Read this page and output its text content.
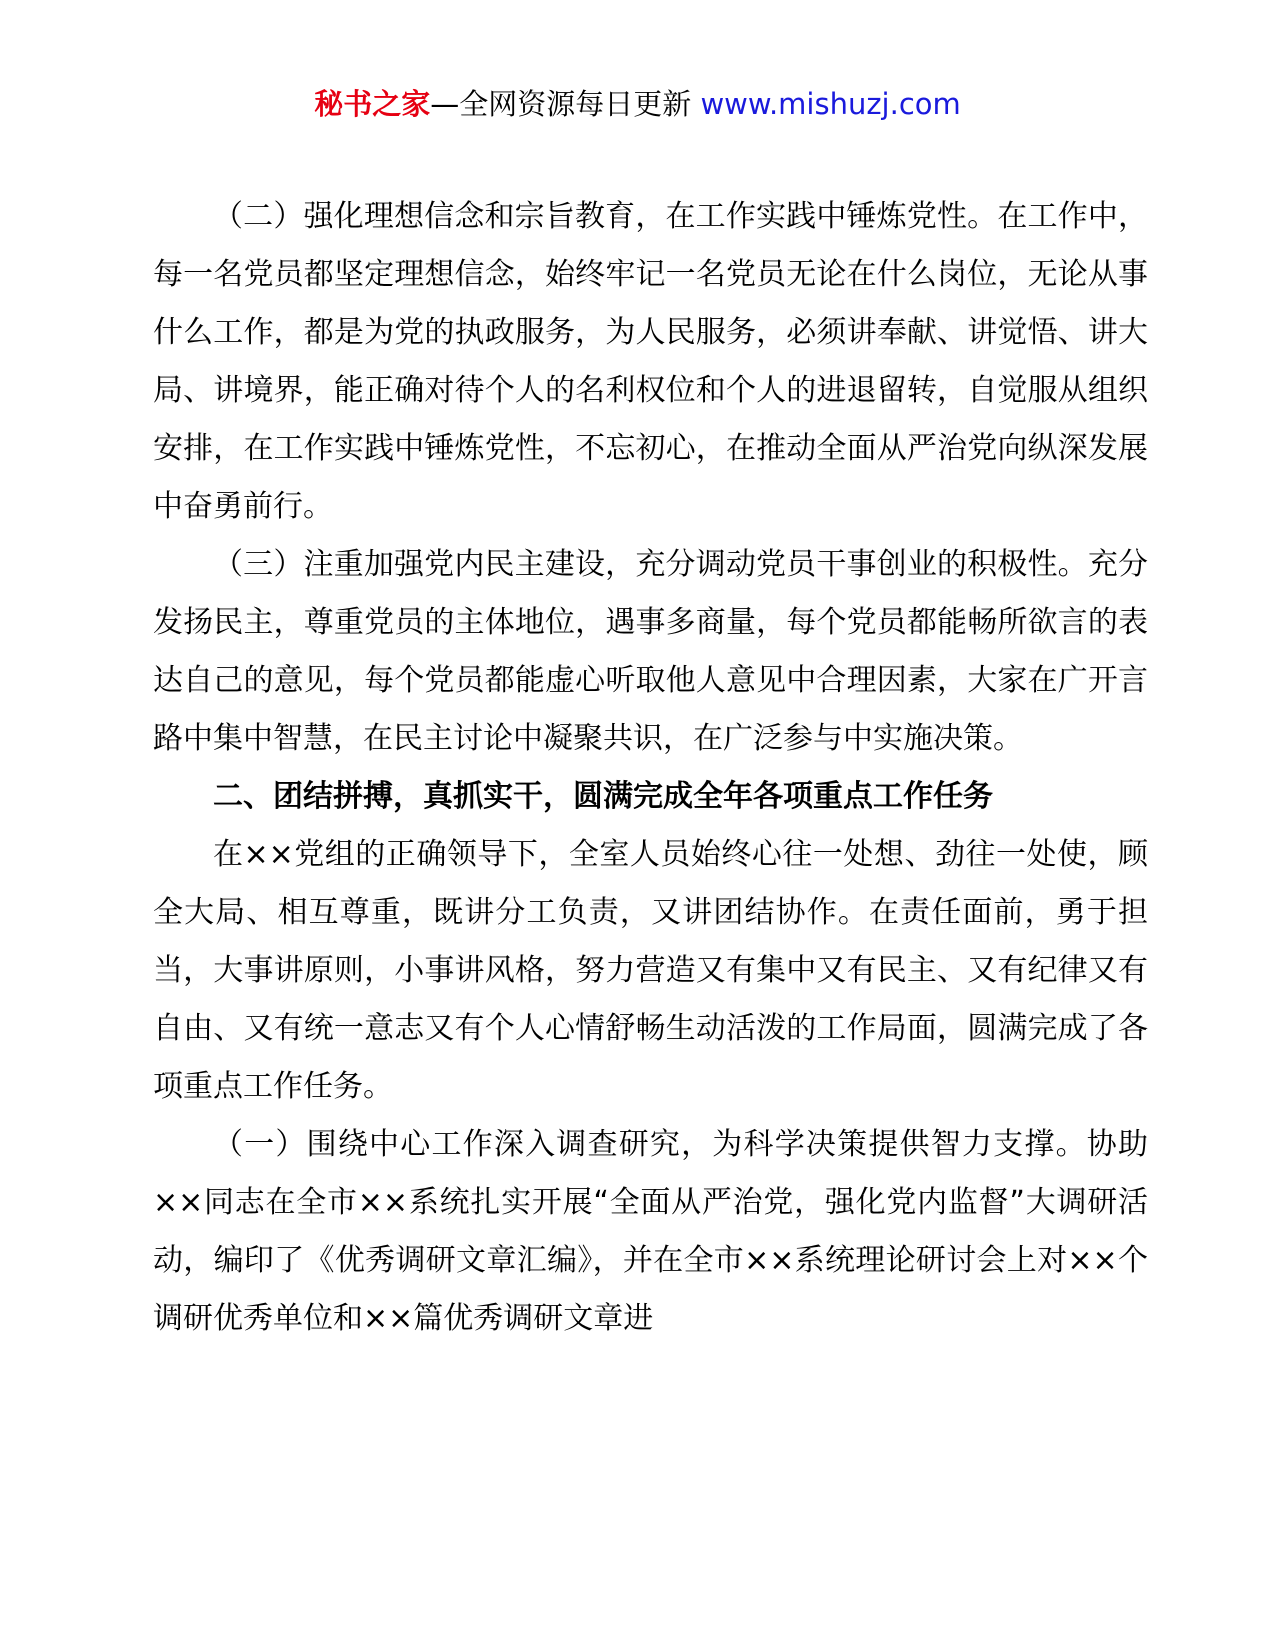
秘书之家—全网资源每日更新 www.mishuzj.com

（二）强化理想信念和宗旨教育，在工作实践中锤炼党性。在工作中，每一名党员都坚定理想信念，始终牢记一名党员无论在什么岗位，无论从事什么工作，都是为党的执政服务，为人民服务，必须讲奉献、讲觉悟、讲大局、讲境界，能正确对待个人的名利权位和个人的进退留转，自觉服从组织安排，在工作实践中锤炼党性，不忘初心，在推动全面从严治党向纵深发展中奋勇前行。

（三）注重加强党内民主建设，充分调动党员干事创业的积极性。充分发扬民主，尊重党员的主体地位，遇事多商量，每个党员都能畅所欲言的表达自己的意见，每个党员都能虚心听取他人意见中合理因素，大家在广开言路中集中智慧，在民主讨论中凝聚共识，在广泛参与中实施决策。

二、团结拼搏，真抓实干，圆满完成全年各项重点工作任务

在××党组的正确领导下，全室人员始终心往一处想、劲往一处使，顾全大局、相互尊重，既讲分工负责，又讲团结协作。在责任面前，勇于担当，大事讲原则，小事讲风格，努力营造又有集中又有民主、又有纪律又有自由、又有统一意志又有个人心情舒畅生动活泼的工作局面，圆满完成了各项重点工作任务。

（一）围绕中心工作深入调查研究，为科学决策提供智力支撑。协助××同志在全市××系统扎实开展“全面从严治党，强化党内监督”大调研活动，编印了《优秀调研文章汇编》，并在全市××系统理论研讨会上对××个调研优秀单位和××篇优秀调研文章进
